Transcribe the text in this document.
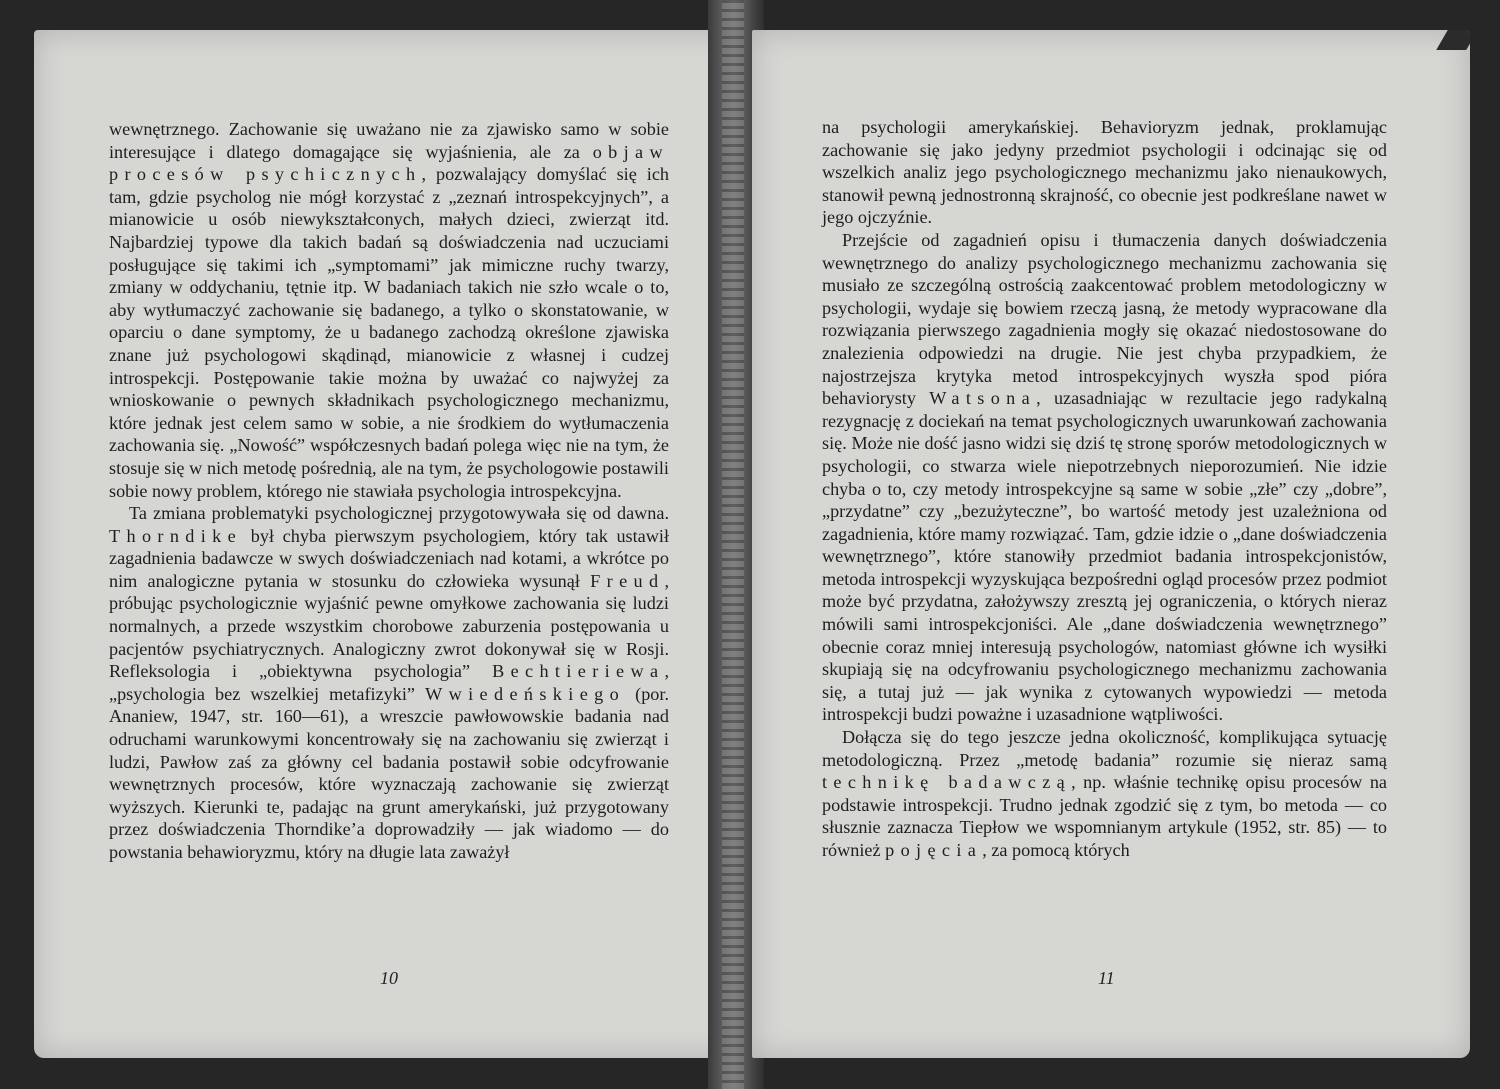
wewnętrznego. Zachowanie się uważano nie za zjawisko samo w sobie interesujące i dlatego domagające się wyjaśnienia, ale za objaw procesów psychicznych, pozwalający domyślać się ich tam, gdzie psycholog nie mógł korzystać z „zeznań introspekcyjnych”, a mianowicie u osób niewykształconych, małych dzieci, zwierząt itd. Najbardziej typowe dla takich badań są doświadczenia nad uczuciami posługujące się takimi ich „symptomami” jak mimiczne ruchy twarzy, zmiany w oddychaniu, tętnie itp. W badaniach takich nie szło wcale o to, aby wytłumaczyć zachowanie się badanego, a tylko o skonstatowanie, w oparciu o dane symptomy, że u badanego zachodzą określone zjawiska znane już psychologowi skądinąd, mianowicie z własnej i cudzej introspekcji. Postępowanie takie można by uważać co najwyżej za wnioskowanie o pewnych składnikach psychologicznego mechanizmu, które jednak jest celem samo w sobie, a nie środkiem do wytłumaczenia zachowania się. „Nowość” współczesnych badań polega więc nie na tym, że stosuje się w nich metodę pośrednią, ale na tym, że psychologowie postawili sobie nowy problem, którego nie stawiała psychologia introspekcyjna.

Ta zmiana problematyki psychologicznej przygotowywała się od dawna. Thorndike był chyba pierwszym psychologiem, który tak ustawił zagadnienia badawcze w swych doświadczeniach nad kotami, a wkrótce po nim analogiczne pytania w stosunku do człowieka wysunął Freud, próbując psychologicznie wyjaśnić pewne omyłkowe zachowania się ludzi normalnych, a przede wszystkim chorobowe zaburzenia postępowania u pacjentów psychiatrycznych. Analogiczny zwrot dokonywał się w Rosji. Refleksologia i „obiektywna psychologia” Bechtieriewa, „psychologia bez wszelkiej metafizyki” Wwiedeńskiego (por. Ananiew, 1947, str. 160—61), a wreszcie pawłowowskie badania nad odruchami warunkowymi koncentrowały się na zachowaniu się zwierząt i ludzi, Pawłow zaś za główny cel badania postawił sobie odcyfrowanie wewnętrznych procesów, które wyznaczają zachowanie się zwierząt wyższych. Kierunki te, padając na grunt amerykański, już przygotowany przez doświadczenia Thorndike’a doprowadziły — jak wiadomo — do powstania behawioryzmu, który na długie lata zaważył

10

na psychologii amerykańskiej. Behavioryzm jednak, proklamując zachowanie się jako jedyny przedmiot psychologii i odcinając się od wszelkich analiz jego psychologicznego mechanizmu jako nienaukowych, stanowił pewną jednostronną skrajność, co obecnie jest podkreślane nawet w jego ojczyźnie.

Przejście od zagadnień opisu i tłumaczenia danych doświadczenia wewnętrznego do analizy psychologicznego mechanizmu zachowania się musiało ze szczególną ostrością zaakcentować problem metodologiczny w psychologii, wydaje się bowiem rzeczą jasną, że metody wypracowane dla rozwiązania pierwszego zagadnienia mogły się okazać niedostosowane do znalezienia odpowiedzi na drugie. Nie jest chyba przypadkiem, że najostrzejsza krytyka metod introspekcyjnych wyszła spod pióra behaviorysty Watsona, uzasadniając w rezultacie jego radykalną rezygnację z dociekań na temat psychologicznych uwarunkowań zachowania się. Może nie dość jasno widzi się dziś tę stronę sporów metodologicznych w psychologii, co stwarza wiele niepotrzebnych nieporozumień. Nie idzie chyba o to, czy metody introspekcyjne są same w sobie „złe” czy „dobre”, „przydatne” czy „bezużyteczne”, bo wartość metody jest uzależniona od zagadnienia, które mamy rozwiązać. Tam, gdzie idzie o „dane doświadczenia wewnętrznego”, które stanowiły przedmiot badania introspekcjonistów, metoda introspekcji wyzyskująca bezpośredni ogląd procesów przez podmiot może być przydatna, założywszy zresztą jej ograniczenia, o których nieraz mówili sami introspekcjoniści. Ale „dane doświadczenia wewnętrznego” obecnie coraz mniej interesują psychologów, natomiast główne ich wysiłki skupiają się na odcyfrowaniu psychologicznego mechanizmu zachowania się, a tutaj już — jak wynika z cytowanych wypowiedzi — metoda introspekcji budzi poważne i uzasadnione wątpliwości.

Dołącza się do tego jeszcze jedna okoliczność, komplikująca sytuację metodologiczną. Przez „metodę badania” rozumie się nieraz samą technikę badawczą, np. właśnie technikę opisu procesów na podstawie introspekcji. Trudno jednak zgodzić się z tym, bo metoda — co słusznie zaznacza Tiepłow we wspomnianym artykule (1952, str. 85) — to również pojęcia, za pomocą których

11
